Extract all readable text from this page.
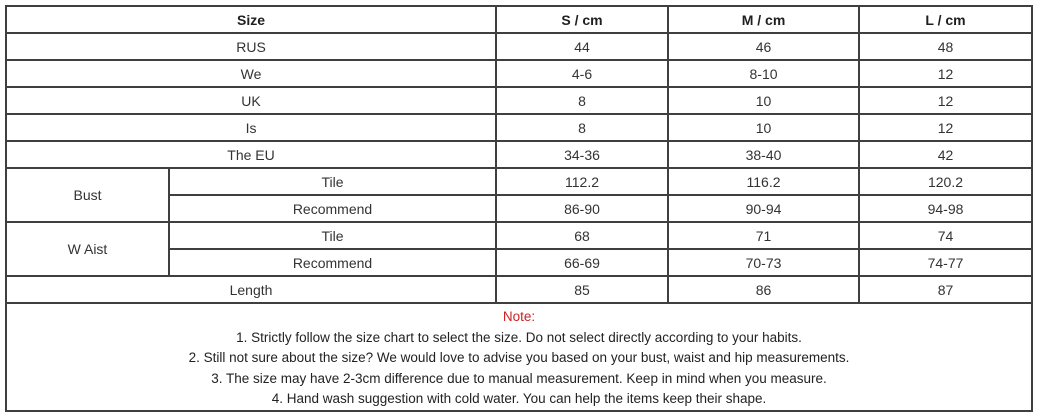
Size		S / cm	M / cm	L / cm
RUS		44	46	48
We		4-6	8-10	12
UK		8	10	12
Is		8	10	12
The EU		34-36	38-40	42
Bust	Tile	112.2	116.2	120.2
	Recommend	86-90	90-94	94-98
W Aist	Tile	68	71	74
	Recommend	66-69	70-73	74-77
Length		85	86	87

Note:
1. Strictly follow the size chart to select the size. Do not select directly according to your habits.
2. Still not sure about the size? We would love to advise you based on your bust, waist and hip measurements.
3. The size may have 2-3cm difference due to manual measurement. Keep in mind when you measure.
4. Hand wash suggestion with cold water. You can help the items keep their shape.				
